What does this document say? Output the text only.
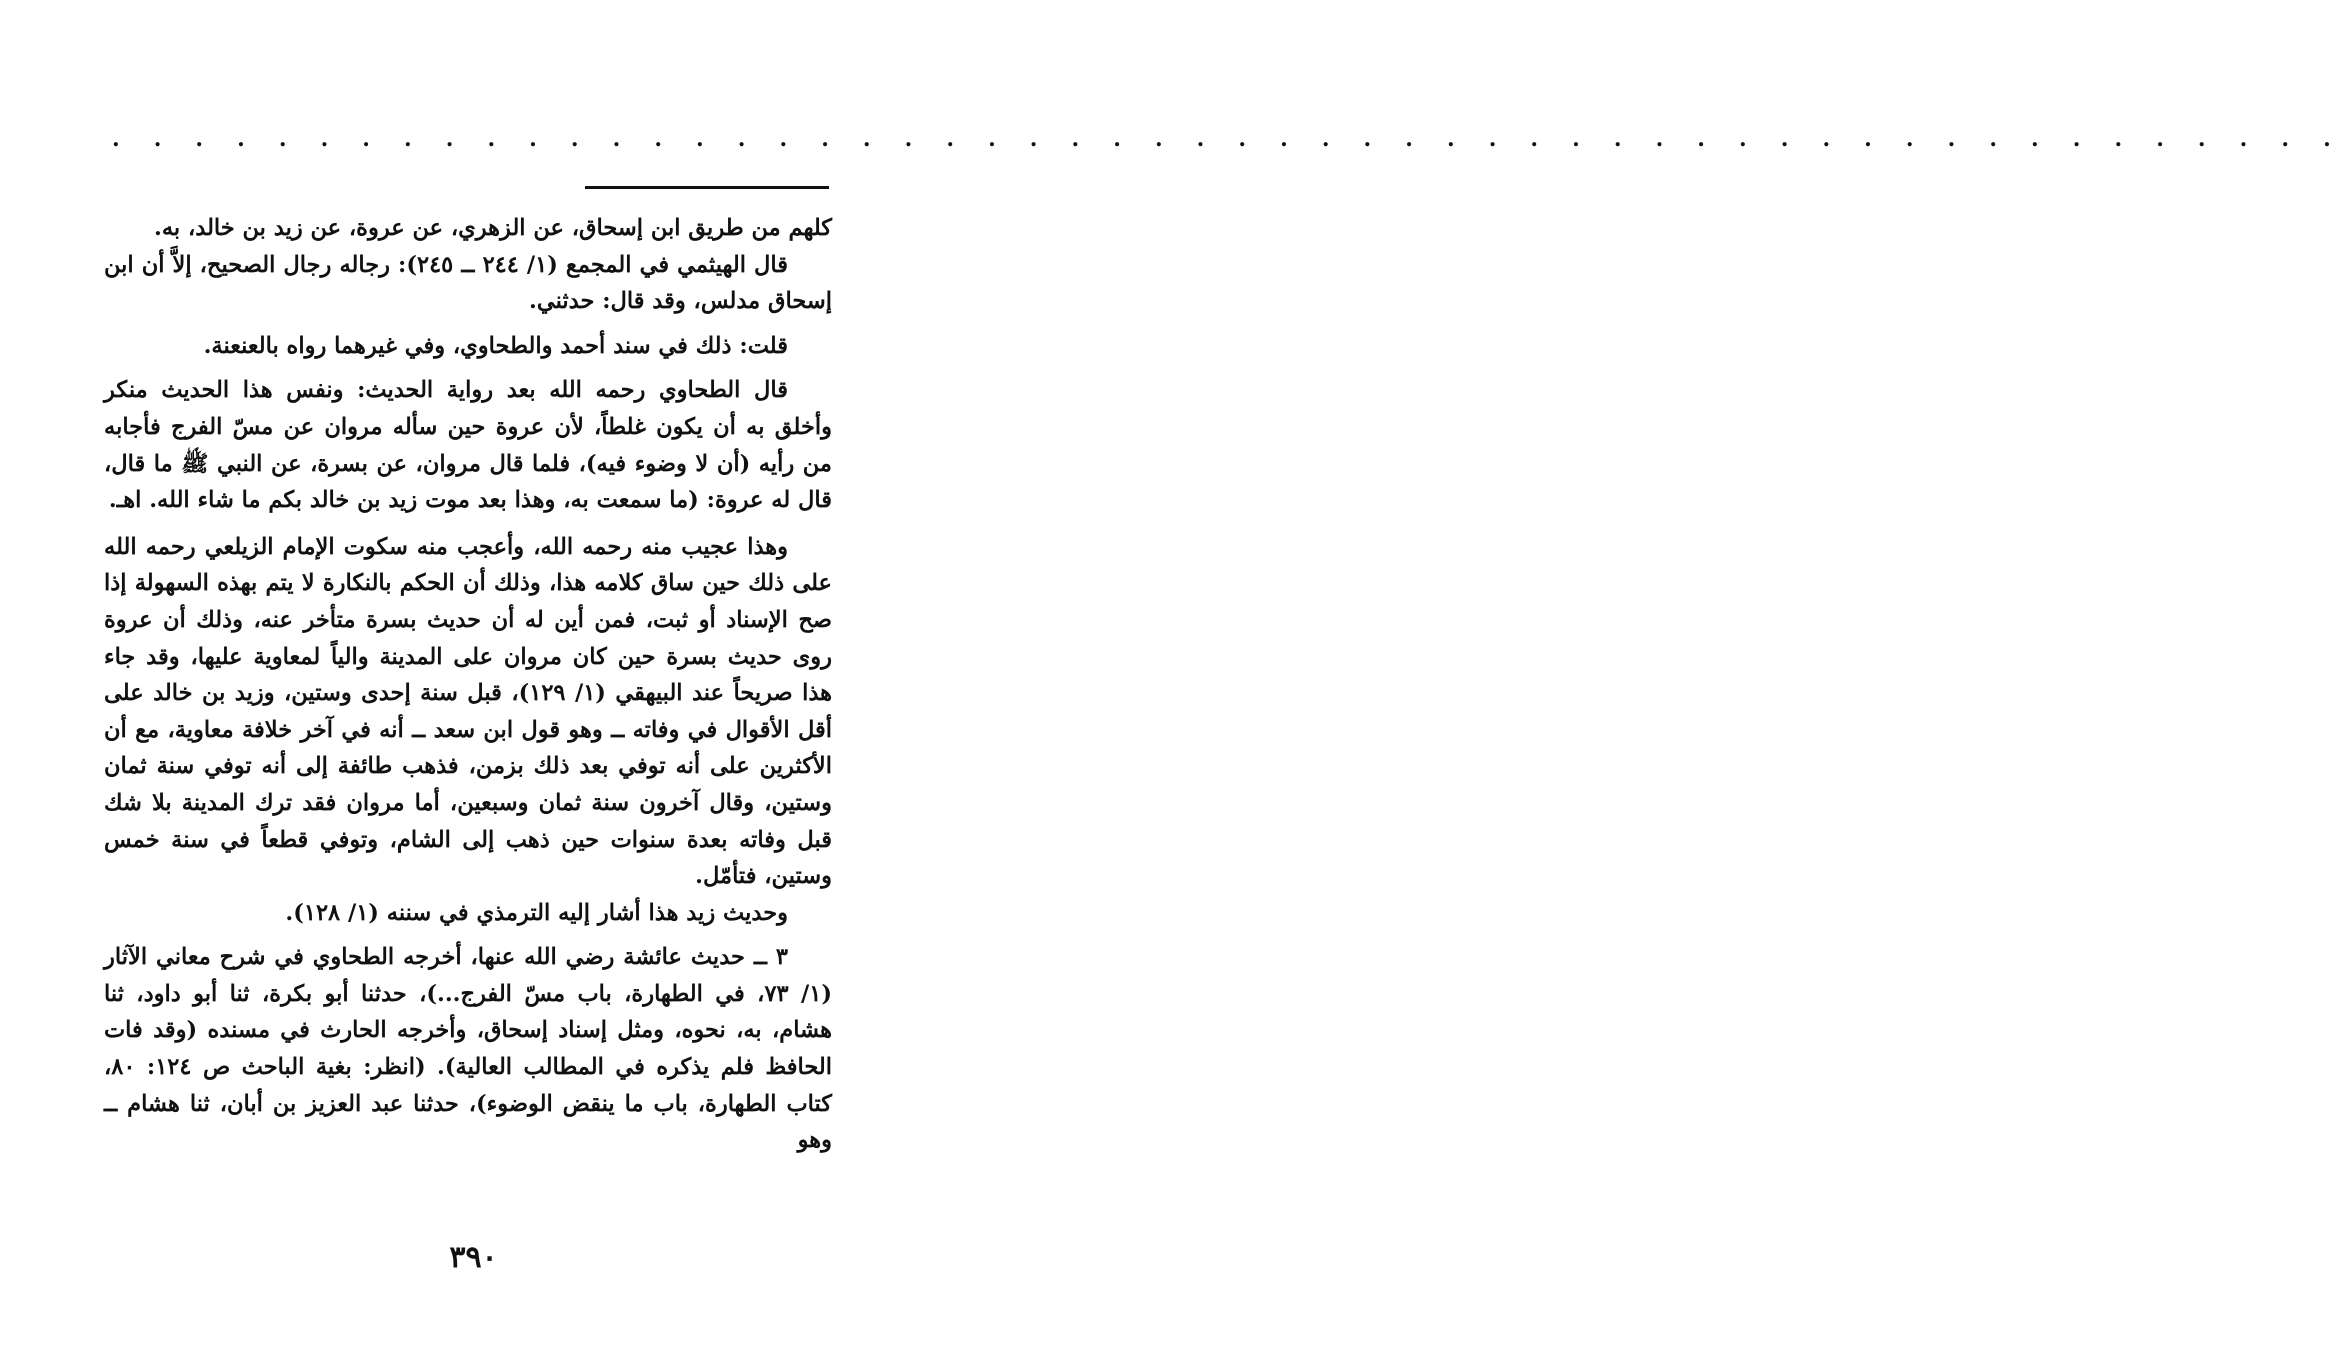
. . . . . . . . . . . . . . . . . . . . . . . . . . . . . . . . . . . . . . . . . . . . . . . . . . . . . .

كلهم من طريق ابن إسحاق، عن الزهري، عن عروة، عن زيد بن خالد، به.

قال الهيثمي في المجمع (١/ ٢٤٤ ــ ٢٤٥): رجاله رجال الصحيح، إلاَّ أن ابن إسحاق مدلس، وقد قال: حدثني.

قلت: ذلك في سند أحمد والطحاوي، وفي غيرهما رواه بالعنعنة.

قال الطحاوي رحمه الله بعد رواية الحديث: ونفس هذا الحديث منكر وأخلق به أن يكون غلطاً، لأن عروة حين سأله مروان عن مسّ الفرج فأجابه من رأيه (أن لا وضوء فيه)، فلما قال مروان، عن بسرة، عن النبي ﷺ ما قال، قال له عروة: (ما سمعت به، وهذا بعد موت زيد بن خالد بكم ما شاء الله. اهـ.

وهذا عجيب منه رحمه الله، وأعجب منه سكوت الإمام الزيلعي رحمه الله على ذلك حين ساق كلامه هذا، وذلك أن الحكم بالنكارة لا يتم بهذه السهولة إذا صح الإسناد أو ثبت، فمن أين له أن حديث بسرة متأخر عنه، وذلك أن عروة روى حديث بسرة حين كان مروان على المدينة والياً لمعاوية عليها، وقد جاء هذا صريحاً عند البيهقي (١/ ١٢٩)، قبل سنة إحدى وستين، وزيد بن خالد على أقل الأقوال في وفاته ــ وهو قول ابن سعد ــ أنه في آخر خلافة معاوية، مع أن الأكثرين على أنه توفي بعد ذلك بزمن، فذهب طائفة إلى أنه توفي سنة ثمان وستين، وقال آخرون سنة ثمان وسبعين، أما مروان فقد ترك المدينة بلا شك قبل وفاته بعدة سنوات حين ذهب إلى الشام، وتوفي قطعاً في سنة خمس وستين، فتأمّل.

وحديث زيد هذا أشار إليه الترمذي في سننه (١/ ١٢٨).

٣ ــ حديث عائشة رضي الله عنها، أخرجه الطحاوي في شرح معاني الآثار (١/ ٧٣، في الطهارة، باب مسّ الفرج...)، حدثنا أبو بكرة، ثنا أبو داود، ثنا هشام، به، نحوه، ومثل إسناد إسحاق، وأخرجه الحارث في مسنده (وقد فات الحافظ فلم يذكره في المطالب العالية). (انظر: بغية الباحث ص ١٢٤: ٨٠، كتاب الطهارة، باب ما ينقض الوضوء)، حدثنا عبد العزيز بن أبان، ثنا هشام ــ وهو

٣٩٠
